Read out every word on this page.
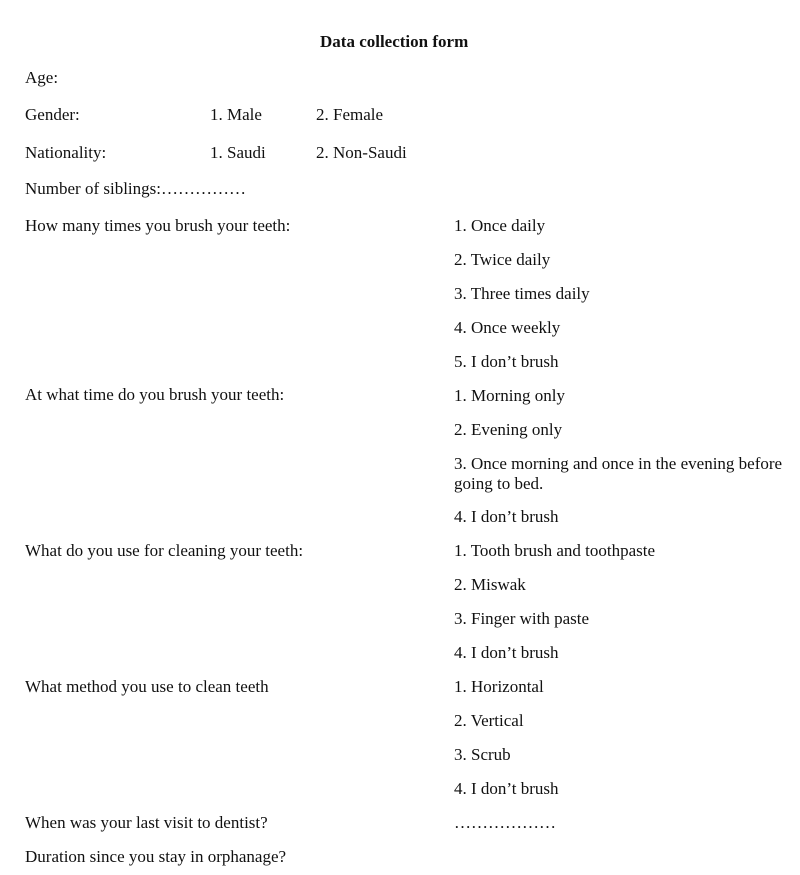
Data collection form
Age:
Gender:	1. Male	2. Female
Nationality:	1. Saudi	2. Non-Saudi
Number of siblings:……………
How many times you brush your teeth:	1. Once daily
2. Twice daily
3. Three times daily
4. Once weekly
5. I don’t brush
At what time do you brush your teeth:	1. Morning only
2. Evening only
3. Once morning and once in the evening before going to bed.
4. I don’t brush
What do you use for cleaning your teeth:	1. Tooth brush and toothpaste
2. Miswak
3. Finger with paste
4. I don’t brush
What method you use to clean teeth	1. Horizontal
2. Vertical
3. Scrub
4. I don’t brush
When was your last visit to dentist?	………………
Duration since you stay in orphanage?
